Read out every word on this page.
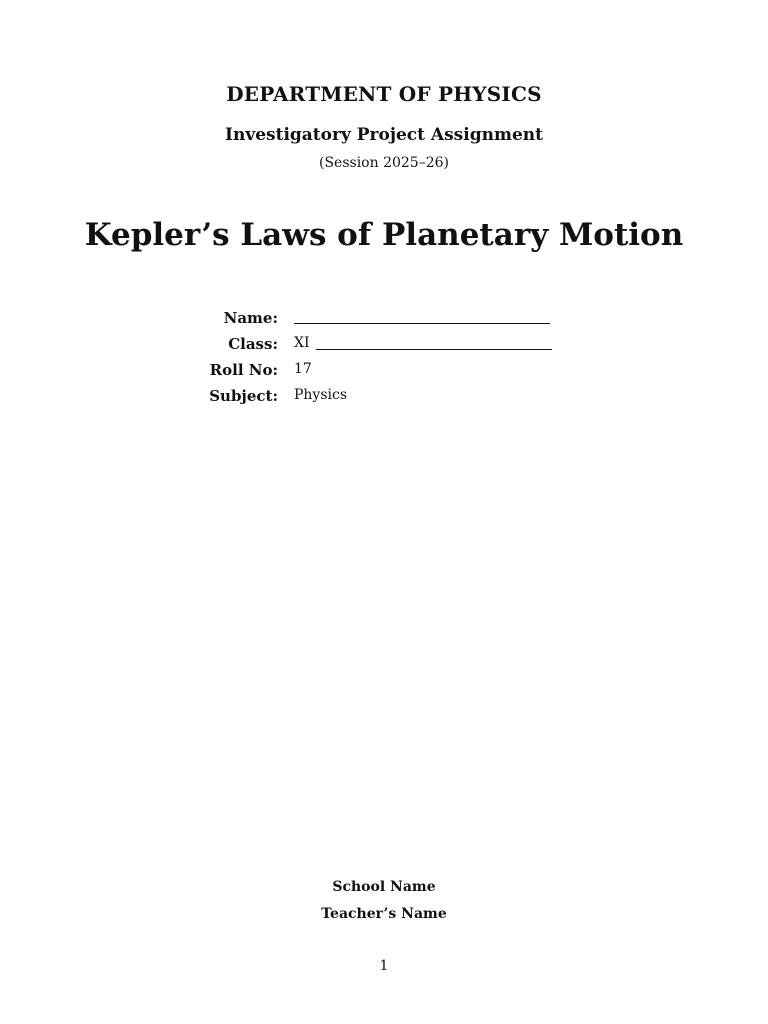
DEPARTMENT OF PHYSICS
Investigatory Project Assignment
(Session 2025–26)
Kepler’s Laws of Planetary Motion
Name:
Class: XI
Roll No: 17
Subject: Physics
School Name
Teacher’s Name
1
